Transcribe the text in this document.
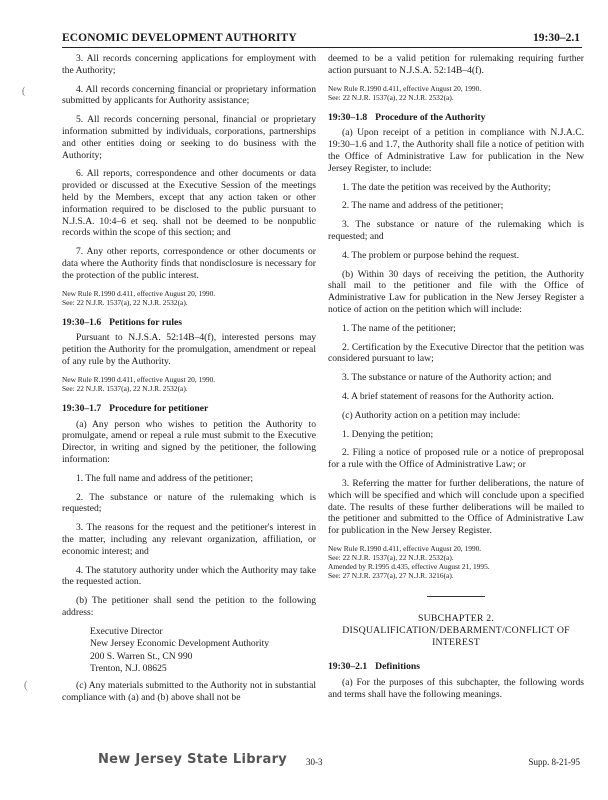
ECONOMIC DEVELOPMENT AUTHORITY	19:30–2.1
(
(

3. All records concerning applications for employment with the Authority;

4. All records concerning financial or proprietary information submitted by applicants for Authority assistance;

5. All records concerning personal, financial or proprietary information submitted by individuals, corporations, partnerships and other entities doing or seeking to do business with the Authority;

6. All reports, correspondence and other documents or data provided or discussed at the Executive Session of the meetings held by the Members, except that any action taken or other information required to be disclosed to the public pursuant to N.J.S.A. 10:4–6 et seq. shall not be deemed to be nonpublic records within the scope of this section; and

7. Any other reports, correspondence or other documents or data where the Authority finds that nondisclosure is necessary for the protection of the public interest.

New Rule R.1990 d.411, effective August 20, 1990.
See: 22 N.J.R. 1537(a), 22 N.J.R. 2532(a).

19:30–1.6 Petitions for rules

Pursuant to N.J.S.A. 52:14B–4(f), interested persons may petition the Authority for the promulgation, amendment or repeal of any rule by the Authority.

New Rule R.1990 d.411, effective August 20, 1990.
See: 22 N.J.R. 1537(a), 22 N.J.R. 2532(a).

19:30–1.7 Procedure for petitioner

(a) Any person who wishes to petition the Authority to promulgate, amend or repeal a rule must submit to the Executive Director, in writing and signed by the petitioner, the following information:

1. The full name and address of the petitioner;

2. The substance or nature of the rulemaking which is requested;

3. The reasons for the request and the petitioner's interest in the matter, including any relevant organization, affiliation, or economic interest; and

4. The statutory authority under which the Authority may take the requested action.

(b) The petitioner shall send the petition to the following address:

Executive Director
New Jersey Economic Development Authority
200 S. Warren St., CN 990
Trenton, N.J. 08625

(c) Any materials submitted to the Authority not in substantial compliance with (a) and (b) above shall not be

deemed to be a valid petition for rulemaking requiring further action pursuant to N.J.S.A. 52:14B–4(f).

New Rule R.1990 d.411, effective August 20, 1990.
See: 22 N.J.R. 1537(a), 22 N.J.R. 2532(a).

19:30–1.8 Procedure of the Authority

(a) Upon receipt of a petition in compliance with N.J.A.C. 19:30–1.6 and 1.7, the Authority shall file a notice of petition with the Office of Administrative Law for publication in the New Jersey Register, to include:

1. The date the petition was received by the Authority;

2. The name and address of the petitioner;

3. The substance or nature of the rulemaking which is requested; and

4. The problem or purpose behind the request.

(b) Within 30 days of receiving the petition, the Authority shall mail to the petitioner and file with the Office of Administrative Law for publication in the New Jersey Register a notice of action on the petition which will include:

1. The name of the petitioner;

2. Certification by the Executive Director that the petition was considered pursuant to law;

3. The substance or nature of the Authority action; and

4. A brief statement of reasons for the Authority action.

(c) Authority action on a petition may include:

1. Denying the petition;

2. Filing a notice of proposed rule or a notice of preproposal for a rule with the Office of Administrative Law; or

3. Referring the matter for further deliberations, the nature of which will be specified and which will conclude upon a specified date. The results of these further deliberations will be mailed to the petitioner and submitted to the Office of Administrative Law for publication in the New Jersey Register.

New Rule R.1990 d.411, effective August 20, 1990.
See: 22 N.J.R. 1537(a), 22 N.J.R. 2532(a).
Amended by R.1995 d.435, effective August 21, 1995.
See: 27 N.J.R. 2377(a), 27 N.J.R. 3216(a).

SUBCHAPTER 2. DISQUALIFICATION/DEBARMENT/CONFLICT OF INTEREST

19:30–2.1 Definitions

(a) For the purposes of this subchapter, the following words and terms shall have the following meanings.

New Jersey State Library 30-3	Supp. 8-21-95
